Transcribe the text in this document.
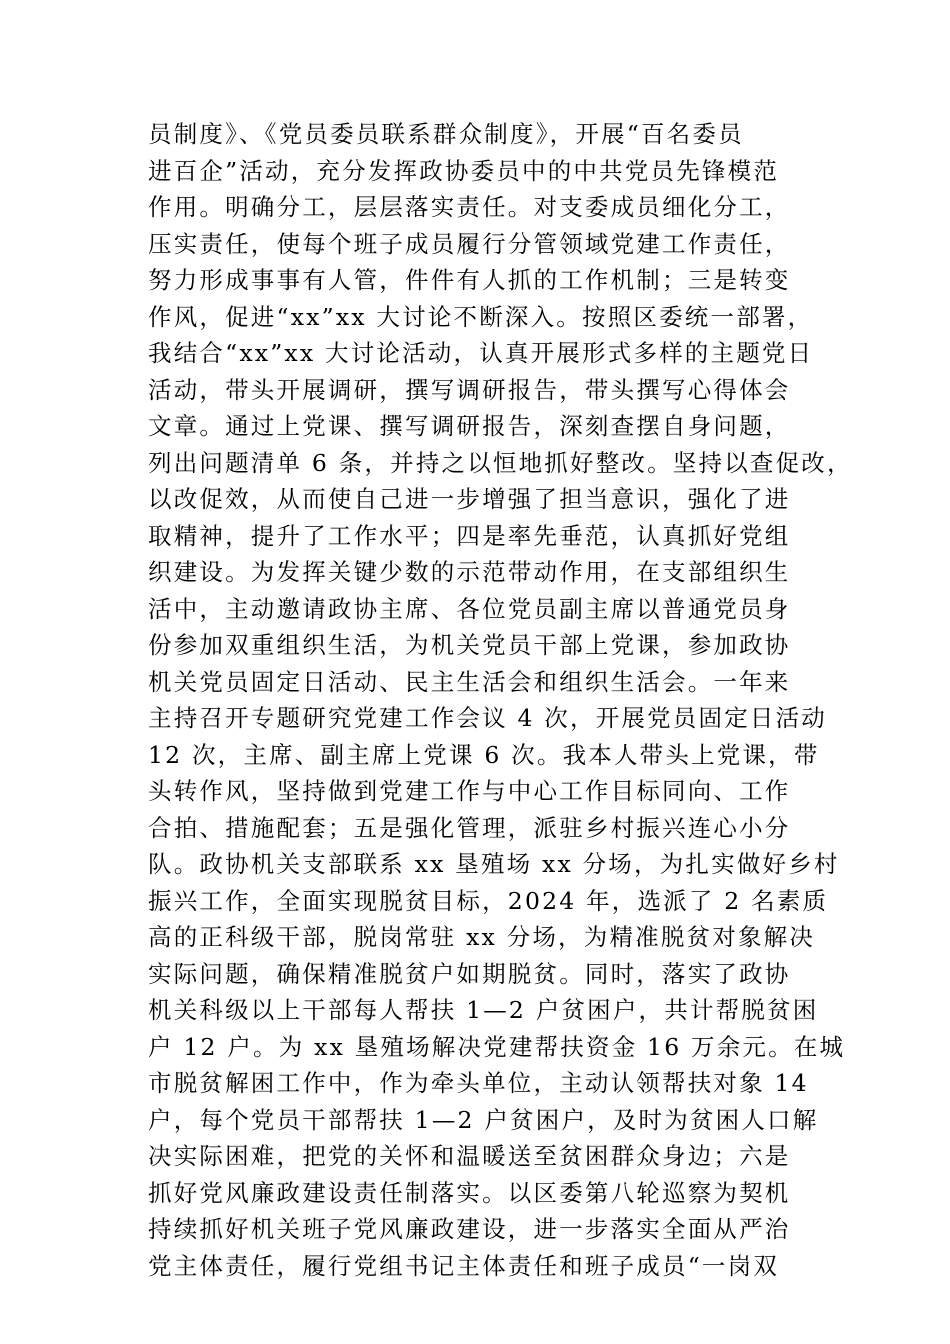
员制度》、《党员委员联系群众制度》，开展“百名委员
进百企”活动，充分发挥政协委员中的中共党员先锋模范
作用。明确分工，层层落实责任。对支委成员细化分工，
压实责任，使每个班子成员履行分管领域党建工作责任，
努力形成事事有人管，件件有人抓的工作机制；三是转变
作风，促进“xx”xx 大讨论不断深入。按照区委统一部署，
我结合“xx”xx 大讨论活动，认真开展形式多样的主题党日
活动，带头开展调研，撰写调研报告，带头撰写心得体会
文章。通过上党课、撰写调研报告，深刻查摆自身问题，
列出问题清单 6 条，并持之以恒地抓好整改。坚持以查促改，
以改促效，从而使自己进一步增强了担当意识，强化了进
取精神，提升了工作水平；四是率先垂范，认真抓好党组
织建设。为发挥关键少数的示范带动作用，在支部组织生
活中，主动邀请政协主席、各位党员副主席以普通党员身
份参加双重组织生活，为机关党员干部上党课，参加政协
机关党员固定日活动、民主生活会和组织生活会。一年来
主持召开专题研究党建工作会议 4 次，开展党员固定日活动
12 次，主席、副主席上党课 6 次。我本人带头上党课，带
头转作风，坚持做到党建工作与中心工作目标同向、工作
合拍、措施配套；五是强化管理，派驻乡村振兴连心小分
队。政协机关支部联系 xx 垦殖场 xx 分场，为扎实做好乡村
振兴工作，全面实现脱贫目标，2024 年，选派了 2 名素质
高的正科级干部，脱岗常驻 xx 分场，为精准脱贫对象解决
实际问题，确保精准脱贫户如期脱贫。同时，落实了政协
机关科级以上干部每人帮扶 1—2 户贫困户，共计帮脱贫困
户 12 户。为 xx 垦殖场解决党建帮扶资金 16 万余元。在城
市脱贫解困工作中，作为牵头单位，主动认领帮扶对象 14
户，每个党员干部帮扶 1—2 户贫困户，及时为贫困人口解
决实际困难，把党的关怀和温暖送至贫困群众身边；六是
抓好党风廉政建设责任制落实。以区委第八轮巡察为契机
持续抓好机关班子党风廉政建设，进一步落实全面从严治
党主体责任，履行党组书记主体责任和班子成员“一岗双
